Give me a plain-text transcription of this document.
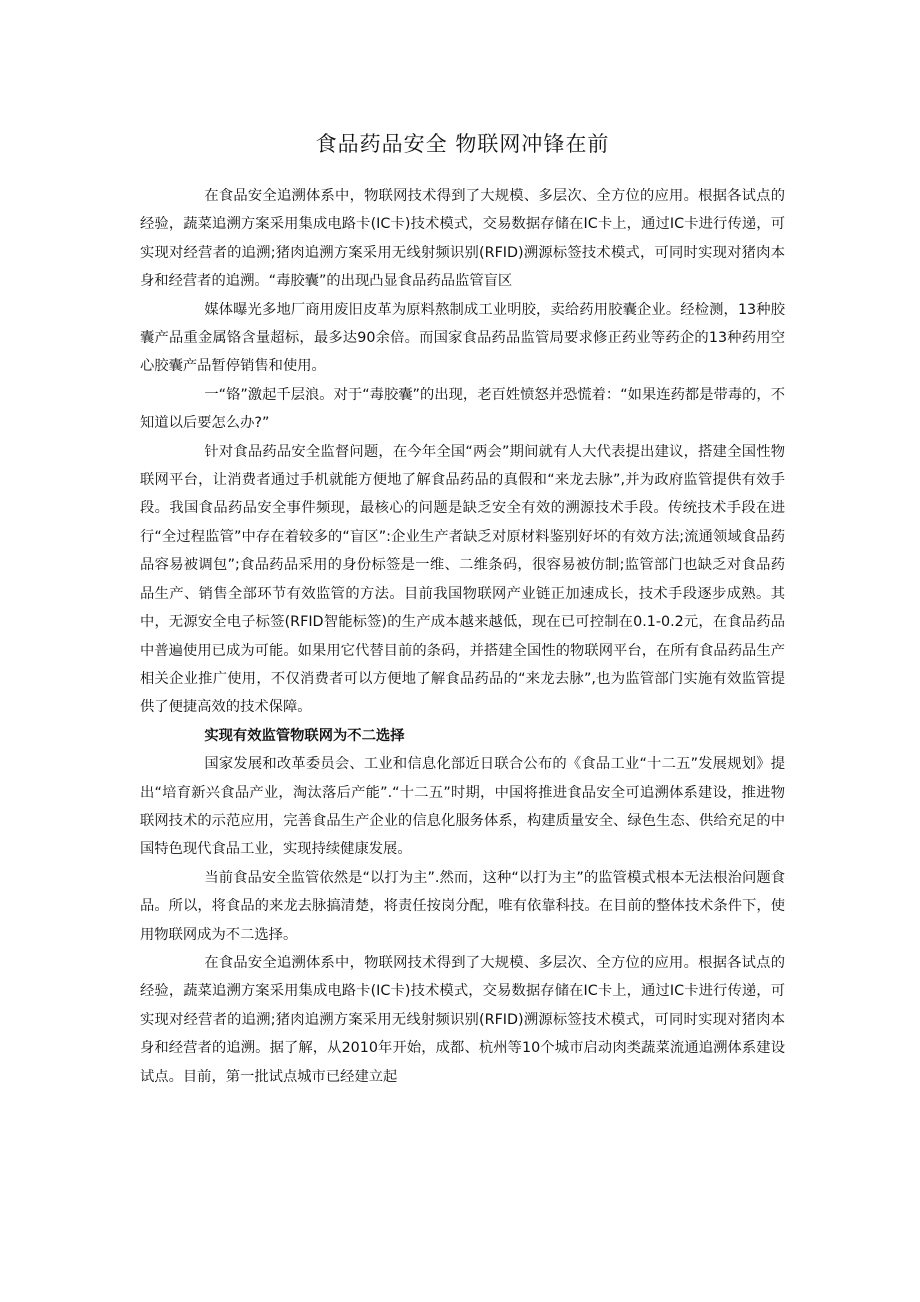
食品药品安全 物联网冲锋在前

在食品安全追溯体系中，物联网技术得到了大规模、多层次、全方位的应用。根据各试点的经验，蔬菜追溯方案采用集成电路卡(IC卡)技术模式，交易数据存储在IC卡上，通过IC卡进行传递，可实现对经营者的追溯;猪肉追溯方案采用无线射频识别(RFID)溯源标签技术模式，可同时实现对猪肉本身和经营者的追溯。“毒胶囊”的出现凸显食品药品监管盲区

媒体曝光多地厂商用废旧皮革为原料熬制成工业明胶，卖给药用胶囊企业。经检测，13种胶囊产品重金属铬含量超标，最多达90余倍。而国家食品药品监管局要求修正药业等药企的13种药用空心胶囊产品暂停销售和使用。

一“铬”激起千层浪。对于“毒胶囊”的出现，老百姓愤怒并恐慌着：“如果连药都是带毒的，不知道以后要怎么办?”

针对食品药品安全监督问题，在今年全国“两会”期间就有人大代表提出建议，搭建全国性物联网平台，让消费者通过手机就能方便地了解食品药品的真假和“来龙去脉”,并为政府监管提供有效手段。我国食品药品安全事件频现，最核心的问题是缺乏安全有效的溯源技术手段。传统技术手段在进行“全过程监管”中存在着较多的“盲区”:企业生产者缺乏对原材料鉴别好坏的有效方法;流通领域食品药品容易被调包”;食品药品采用的身份标签是一维、二维条码，很容易被仿制;监管部门也缺乏对食品药品生产、销售全部环节有效监管的方法。目前我国物联网产业链正加速成长，技术手段逐步成熟。其中，无源安全电子标签(RFID智能标签)的生产成本越来越低，现在已可控制在0.1-0.2元，在食品药品中普遍使用已成为可能。如果用它代替目前的条码，并搭建全国性的物联网平台，在所有食品药品生产相关企业推广使用，不仅消费者可以方便地了解食品药品的“来龙去脉”,也为监管部门实施有效监管提供了便捷高效的技术保障。

实现有效监管物联网为不二选择

国家发展和改革委员会、工业和信息化部近日联合公布的《食品工业“十二五”发展规划》提出“培育新兴食品产业，淘汰落后产能”.“十二五”时期，中国将推进食品安全可追溯体系建设，推进物联网技术的示范应用，完善食品生产企业的信息化服务体系，构建质量安全、绿色生态、供给充足的中国特色现代食品工业，实现持续健康发展。

当前食品安全监管依然是“以打为主”.然而，这种“以打为主”的监管模式根本无法根治问题食品。所以，将食品的来龙去脉搞清楚，将责任按岗分配，唯有依靠科技。在目前的整体技术条件下，使用物联网成为不二选择。

在食品安全追溯体系中，物联网技术得到了大规模、多层次、全方位的应用。根据各试点的经验，蔬菜追溯方案采用集成电路卡(IC卡)技术模式，交易数据存储在IC卡上，通过IC卡进行传递，可实现对经营者的追溯;猪肉追溯方案采用无线射频识别(RFID)溯源标签技术模式，可同时实现对猪肉本身和经营者的追溯。据了解，从2010年开始，成都、杭州等10个城市启动肉类蔬菜流通追溯体系建设试点。目前，第一批试点城市已经建立起
